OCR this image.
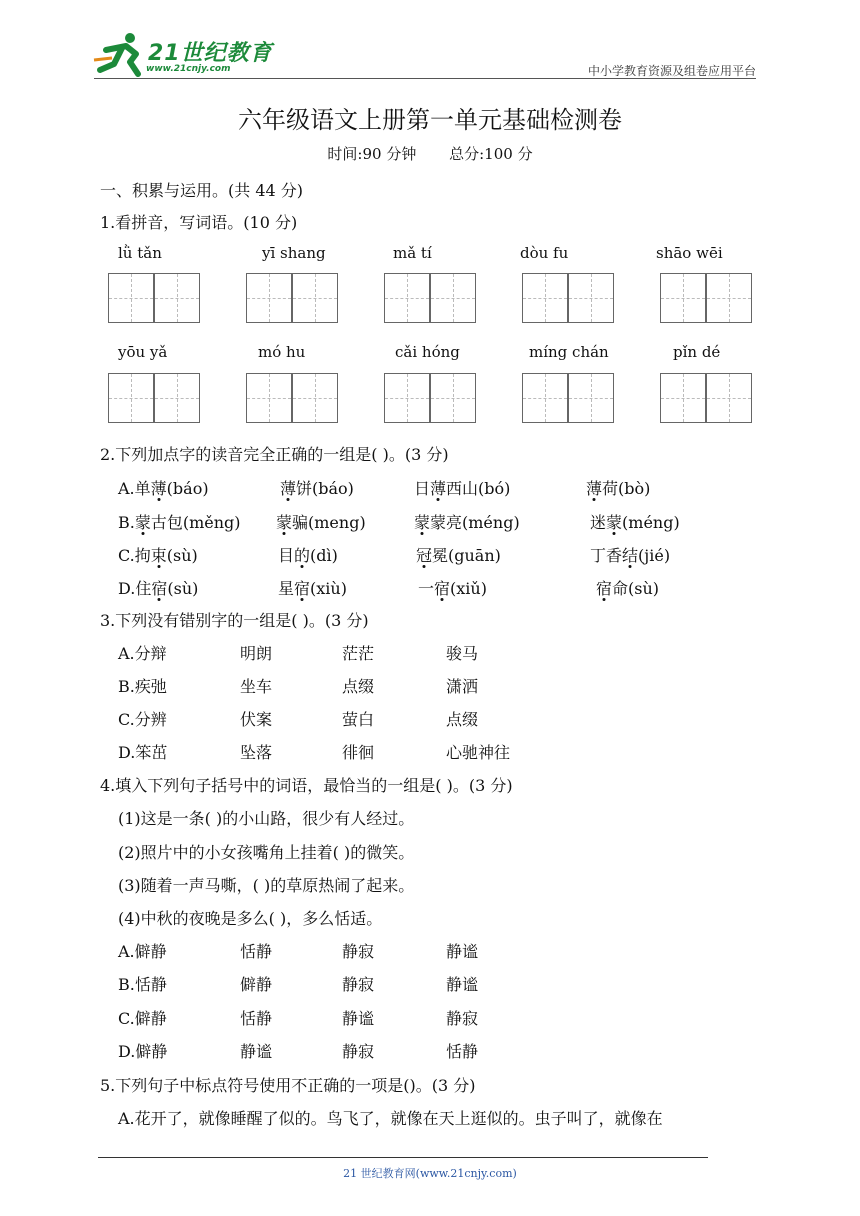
21世纪教育
www.21cnjy.com	中小学教育资源及组卷应用平台
六年级语文上册第一单元基础检测卷
时间:90 分钟 总分:100 分
一、积累与运用。(共 44 分)
1.看拼音，写词语。(10 分)
lǜ tǎn	yī shang	mǎ tí	dòu fu	shāo wēi
yōu yǎ	mó hu	cǎi hóng	míng chán	pǐn dé
2.下列加点字的读音完全正确的一组是( )。(3 分)
A.单薄(báo)	薄饼(báo)	日薄西山(bó)	薄荷(bò)
B.蒙古包(měng) 蒙骗(meng)	蒙蒙亮(méng)	迷蒙(méng)
C.拘束(sù)	目的(dì)	冠冕(guān)	丁香结(jié)
D.住宿(sù)	星宿(xiù)	一宿(xiǔ)	宿命(sù)
3.下列没有错别字的一组是( )。(3 分)
A.分辩	明朗	茫茫	骏马
B.疾弛	坐车	点缀	潇洒
C.分辨	伏案	萤白	点缀
D.笨茁	坠落	徘徊	心驰神往
4.填入下列句子括号中的词语，最恰当的一组是( )。(3 分)
(1)这是一条( )的小山路，很少有人经过。
(2)照片中的小女孩嘴角上挂着( )的微笑。
(3)随着一声马嘶，( )的草原热闹了起来。
(4)中秋的夜晚是多么( )，多么恬适。
A.僻静	恬静	静寂	静谧
B.恬静	僻静	静寂	静谧
C.僻静	恬静	静谧	静寂
D.僻静	静谧	静寂	恬静
5.下列句子中标点符号使用不正确的一项是()。(3 分)
A.花开了，就像睡醒了似的。鸟飞了，就像在天上逛似的。虫子叫了，就像在
21 世纪教育网(www.21cnjy.com)
